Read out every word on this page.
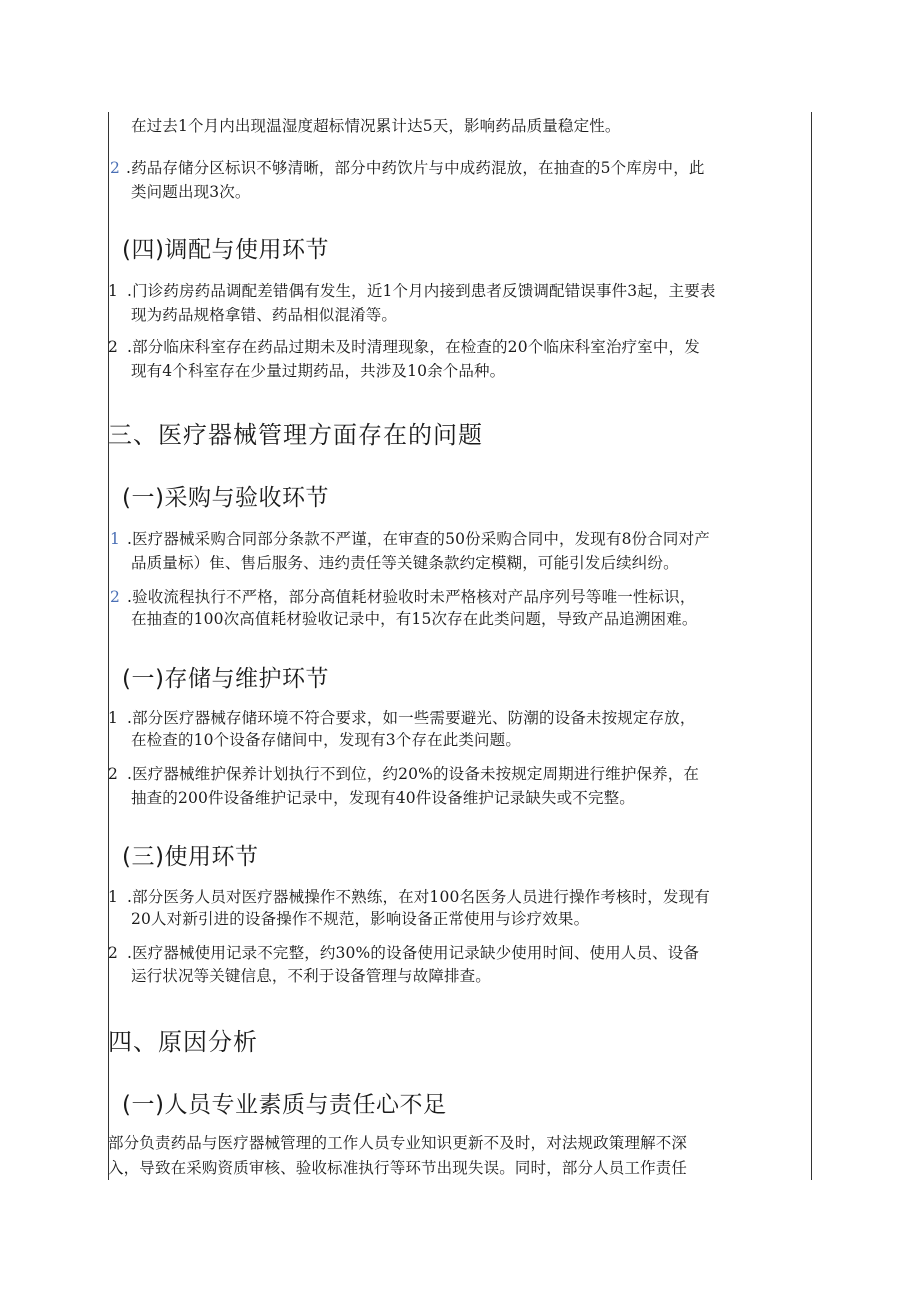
在过去1个月内出现温湿度超标情况累计达5天，影响药品质量稳定性。
2 .药品存储分区标识不够清晰，部分中药饮片与中成药混放，在抽查的5个库房中，此
类问题出现3次。
(四)调配与使用环节
1 .门诊药房药品调配差错偶有发生，近1个月内接到患者反馈调配错误事件3起，主要表
现为药品规格拿错、药品相似混淆等。
2 .部分临床科室存在药品过期未及时清理现象，在检查的20个临床科室治疗室中，发
现有4个科室存在少量过期药品，共涉及10余个品种。
三、医疗器械管理方面存在的问题
(一)采购与验收环节
1 .医疗器械采购合同部分条款不严谨，在审查的50份采购合同中，发现有8份合同对产
品质量标）隹、售后服务、违约责任等关键条款约定模糊，可能引发后续纠纷。
2 .验收流程执行不严格，部分高值耗材验收时未严格核对产品序列号等唯一性标识，
在抽查的100次高值耗材验收记录中，有15次存在此类问题，导致产品追溯困难。
(一)存储与维护环节
1 .部分医疗器械存储环境不符合要求，如一些需要避光、防潮的设备未按规定存放，
在检查的10个设备存储间中，发现有3个存在此类问题。
2 .医疗器械维护保养计划执行不到位，约20%的设备未按规定周期进行维护保养，在
抽查的200件设备维护记录中，发现有40件设备维护记录缺失或不完整。
(三)使用环节
1 .部分医务人员对医疗器械操作不熟练，在对100名医务人员进行操作考核时，发现有
20人对新引进的设备操作不规范，影响设备正常使用与诊疗效果。
2 .医疗器械使用记录不完整，约30%的设备使用记录缺少使用时间、使用人员、设备
运行状况等关键信息，不利于设备管理与故障排查。
四、原因分析
(一)人员专业素质与责任心不足
部分负责药品与医疗器械管理的工作人员专业知识更新不及时，对法规政策理解不深
入，导致在采购资质审核、验收标准执行等环节出现失误。同时，部分人员工作责任
